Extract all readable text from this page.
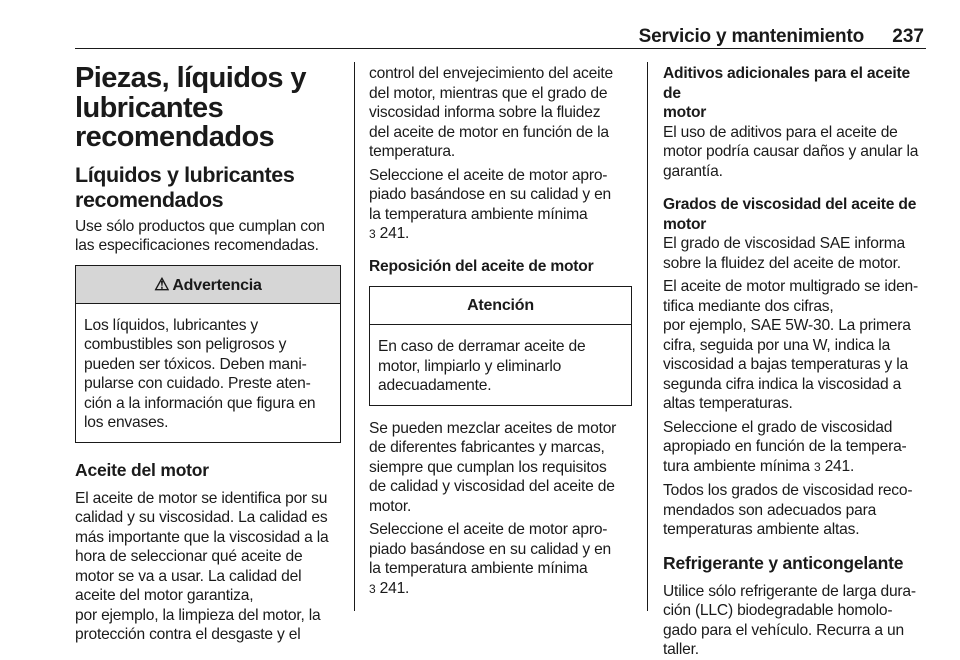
Servicio y mantenimiento 237
Piezas, líquidos y
lubricantes
recomendados
Líquidos y lubricantes
recomendados

Use sólo productos que cumplan con
las especificaciones recomendadas.

⚠ Advertencia
Los líquidos, lubricantes y
combustibles son peligrosos y
pueden ser tóxicos. Deben mani-
pularse con cuidado. Preste aten-
ción a la información que figura en
los envases.
Aceite del motor

El aceite de motor se identifica por su
calidad y su viscosidad. La calidad es
más importante que la viscosidad a la
hora de seleccionar qué aceite de
motor se va a usar. La calidad del
aceite del motor garantiza,
por ejemplo, la limpieza del motor, la
protección contra el desgaste y el

control del envejecimiento del aceite
del motor, mientras que el grado de
viscosidad informa sobre la fluidez
del aceite de motor en función de la
temperatura.

Seleccione el aceite de motor apro-
piado basándose en su calidad y en
la temperatura ambiente mínima
3 241.

Reposición del aceite de motor
Atención
En caso de derramar aceite de
motor, limpiarlo y eliminarlo
adecuadamente.

Se pueden mezclar aceites de motor
de diferentes fabricantes y marcas,
siempre que cumplan los requisitos
de calidad y viscosidad del aceite de
motor.

Seleccione el aceite de motor apro-
piado basándose en su calidad y en
la temperatura ambiente mínima
3 241.

Aditivos adicionales para el aceite de
motor

El uso de aditivos para el aceite de
motor podría causar daños y anular la
garantía.

Grados de viscosidad del aceite de
motor

El grado de viscosidad SAE informa
sobre la fluidez del aceite de motor.

El aceite de motor multigrado se iden-
tifica mediante dos cifras,
por ejemplo, SAE 5W-30. La primera
cifra, seguida por una W, indica la
viscosidad a bajas temperaturas y la
segunda cifra indica la viscosidad a
altas temperaturas.

Seleccione el grado de viscosidad
apropiado en función de la tempera-
tura ambiente mínima 3 241.

Todos los grados de viscosidad reco-
mendados son adecuados para
temperaturas ambiente altas.

Refrigerante y anticongelante

Utilice sólo refrigerante de larga dura-
ción (LLC) biodegradable homolo-
gado para el vehículo. Recurra a un
taller.
